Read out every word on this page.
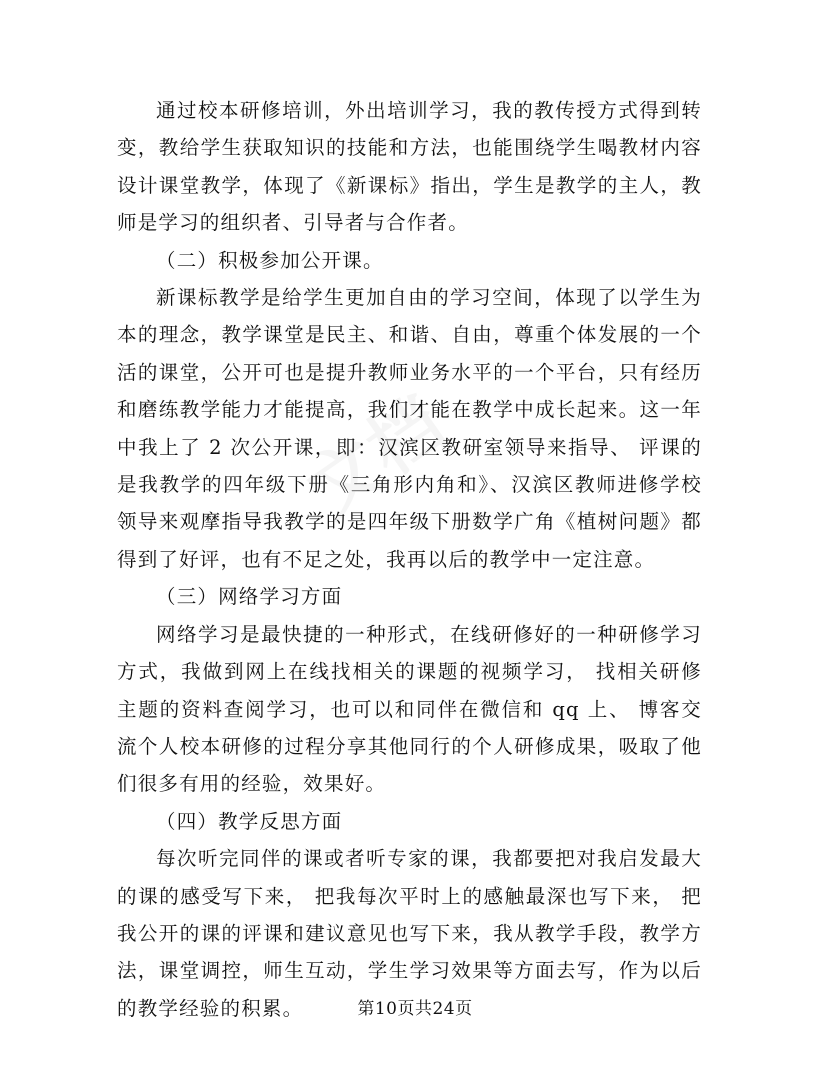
通过校本研修培训，外出培训学习，我的教传授方式得到转变，教给学生获取知识的技能和方法，也能围绕学生喝教材内容设计课堂教学，体现了《新课标》指出，学生是教学的主人，教师是学习的组织者、引导者与合作者。

（二）积极参加公开课。

新课标教学是给学生更加自由的学习空间，体现了以学生为本的理念，教学课堂是民主、和谐、自由，尊重个体发展的一个活的课堂，公开可也是提升教师业务水平的一个平台，只有经历和磨练教学能力才能提高，我们才能在教学中成长起来。这一年中我上了 2 次公开课，即：汉滨区教研室领导来指导、 评课的是我教学的四年级下册《三角形内角和》、汉滨区教师进修学校领导来观摩指导我教学的是四年级下册数学广角《植树问题》都得到了好评，也有不足之处，我再以后的教学中一定注意。

（三）网络学习方面

网络学习是最快捷的一种形式，在线研修好的一种研修学习方式，我做到网上在线找相关的课题的视频学习， 找相关研修主题的资料查阅学习，也可以和同伴在微信和 qq 上、 博客交流个人校本研修的过程分享其他同行的个人研修成果，吸取了他们很多有用的经验，效果好。

（四）教学反思方面

每次听完同伴的课或者听专家的课，我都要把对我启发最大的课的感受写下来， 把我每次平时上的感触最深也写下来， 把我公开的课的评课和建议意见也写下来，我从教学手段，教学方法，课堂调控，师生互动，学生学习效果等方面去写，作为以后的教学经验的积累。	第10页共24页
